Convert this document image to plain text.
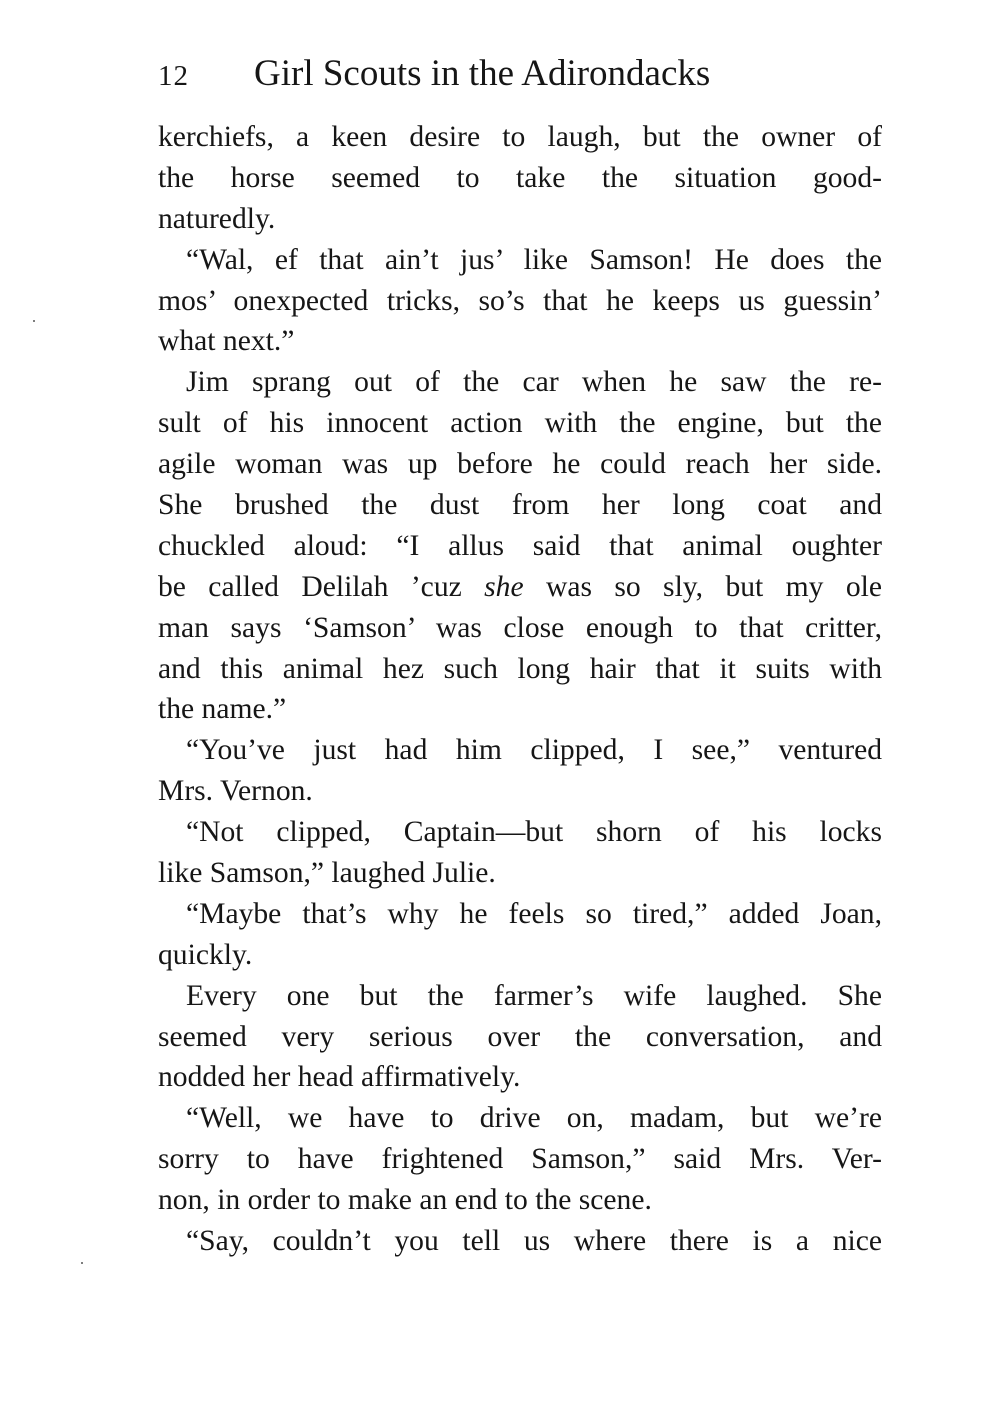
12 Girl Scouts in the Adirondacks
kerchiefs, a keen desire to laugh, but the owner of
the horse seemed to take the situation good-
naturedly.
“Wal, ef that ain’t jus’ like Samson! He does the
mos’ onexpected tricks, so’s that he keeps us guessin’
what next.”
Jim sprang out of the car when he saw the re-
sult of his innocent action with the engine, but the
agile woman was up before he could reach her side.
She brushed the dust from her long coat and
chuckled aloud: “I allus said that animal oughter
be called Delilah ’cuz she was so sly, but my ole
man says ‘Samson’ was close enough to that critter,
and this animal hez such long hair that it suits with
the name.”
“You’ve just had him clipped, I see,” ventured
Mrs. Vernon.
“Not clipped, Captain—but shorn of his locks
like Samson,” laughed Julie.
“Maybe that’s why he feels so tired,” added Joan,
quickly.
Every one but the farmer’s wife laughed. She
seemed very serious over the conversation, and
nodded her head affirmatively.
“Well, we have to drive on, madam, but we’re
sorry to have frightened Samson,” said Mrs. Ver-
non, in order to make an end to the scene.
“Say, couldn’t you tell us where there is a nice
